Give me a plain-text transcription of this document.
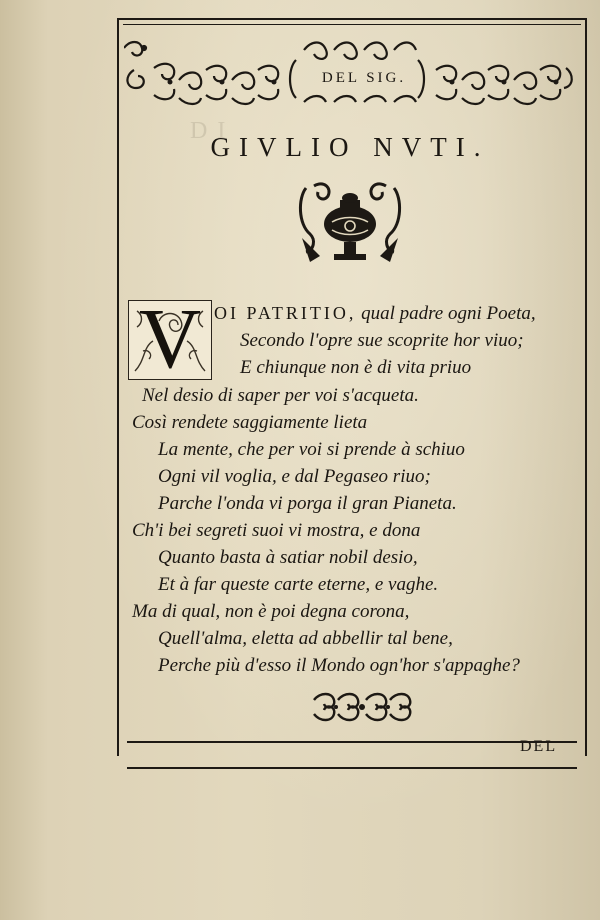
DI
DEL SIG.
GIVLIO NVTI.
V OI PATRITIO, qual padre ogni Poeta,
Secondo l'opre sue scoprite hor viuo;
E chiunque non è di vita priuo
Nel desio di saper per voi s'acqueta.
Così rendete saggiamente lieta
La mente, che per voi si prende à schiuo
Ogni vil voglia, e dal Pegaseo riuo;
Parche l'onda vi porga il gran Pianeta.
Ch'i bei segreti suoi vi mostra, e dona
Quanto basta à satiar nobil desio,
Et à far queste carte eterne, e vaghe.
Ma di qual, non è poi degna corona,
Quell'alma, eletta ad abbellir tal bene,
Perche più d'esso il Mondo ogn'hor s'appaghe?
DEL
